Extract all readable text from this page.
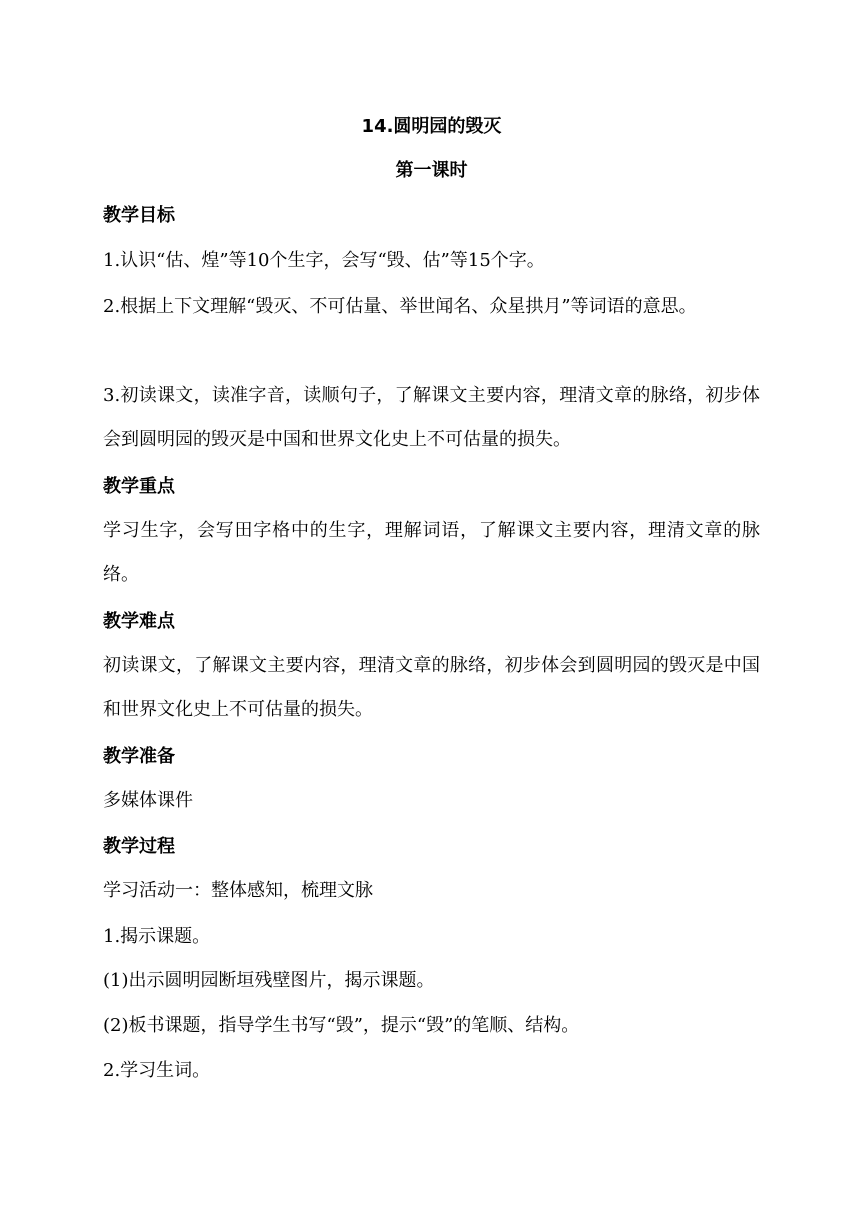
14.圆明园的毁灭
第一课时
教学目标
1.认识“估、煌”等10个生字，会写“毁、估”等15个字。
2.根据上下文理解“毁灭、不可估量、举世闻名、众星拱月”等词语的意思。
3.初读课文，读准字音，读顺句子，了解课文主要内容，理清文章的脉络，初步体会到圆明园的毁灭是中国和世界文化史上不可估量的损失。
教学重点
学习生字，会写田字格中的生字，理解词语，了解课文主要内容，理清文章的脉络。
教学难点
初读课文，了解课文主要内容，理清文章的脉络，初步体会到圆明园的毁灭是中国和世界文化史上不可估量的损失。
教学准备
多媒体课件
教学过程
学习活动一：整体感知，梳理文脉
1.揭示课题。
(1)出示圆明园断垣残壁图片，揭示课题。
(2)板书课题，指导学生书写“毁”，提示“毁”的笔顺、结构。
2.学习生词。
